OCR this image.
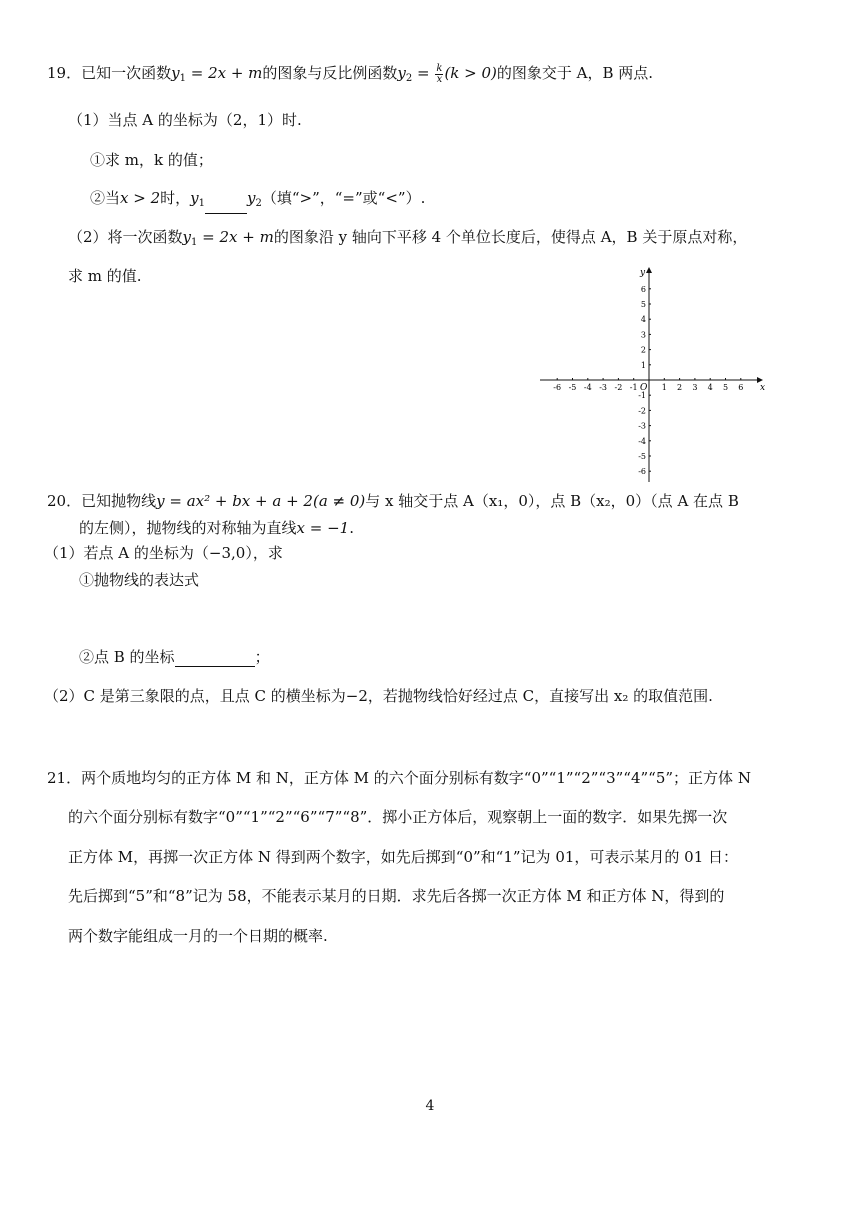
19．已知一次函数$y_1 = 2x + m$的图象与反比例函数$y_2 = \frac{k}{x} (k > 0)$的图象交于 A，B 两点.
（1）当点 A 的坐标为（2，1）时.
①求 m，k 的值；
②当x > 2时，$y_1$	$y_2$（填“>”，“=”或“<”）.
（2）将一次函数$y_1 = 2x + m$的图象沿 y 轴向下平移 4 个单位长度后，使得点 A，B 关于原点对称，
求 m 的值.
-6 -5 -4 -3 -2 -1	1 2 3 4 5 6
6
5
4
3
2
1
-1
-2
-3
-4
-5
-6
x
y
O
20．已知抛物线y = ax² + bx + a + 2(a ≠ 0)与 x 轴交于点 A（x₁，0），点 B（x₂，0）（点 A 在点 B
的左侧），抛物线的对称轴为直线x = −1.
（1）若点 A 的坐标为（−3,0），求
①抛物线的表达式
②点 B 的坐标	；
（2）C 是第三象限的点，且点 C 的横坐标为−2，若抛物线恰好经过点 C，直接写出 x₂ 的取值范围.
21．两个质地均匀的正方体 M 和 N，正方体 M 的六个面分别标有数字“0”“1”“2”“3”“4”“5”；正方体 N
的六个面分别标有数字“0”“1”“2”“6”“7”“8”．掷小正方体后，观察朝上一面的数字．如果先掷一次
正方体 M，再掷一次正方体 N 得到两个数字，如先后掷到“0”和“1”记为 01，可表示某月的 01 日：
先后掷到“5”和“8”记为 58，不能表示某月的日期．求先后各掷一次正方体 M 和正方体 N，得到的
两个数字能组成一月的一个日期的概率.
4
